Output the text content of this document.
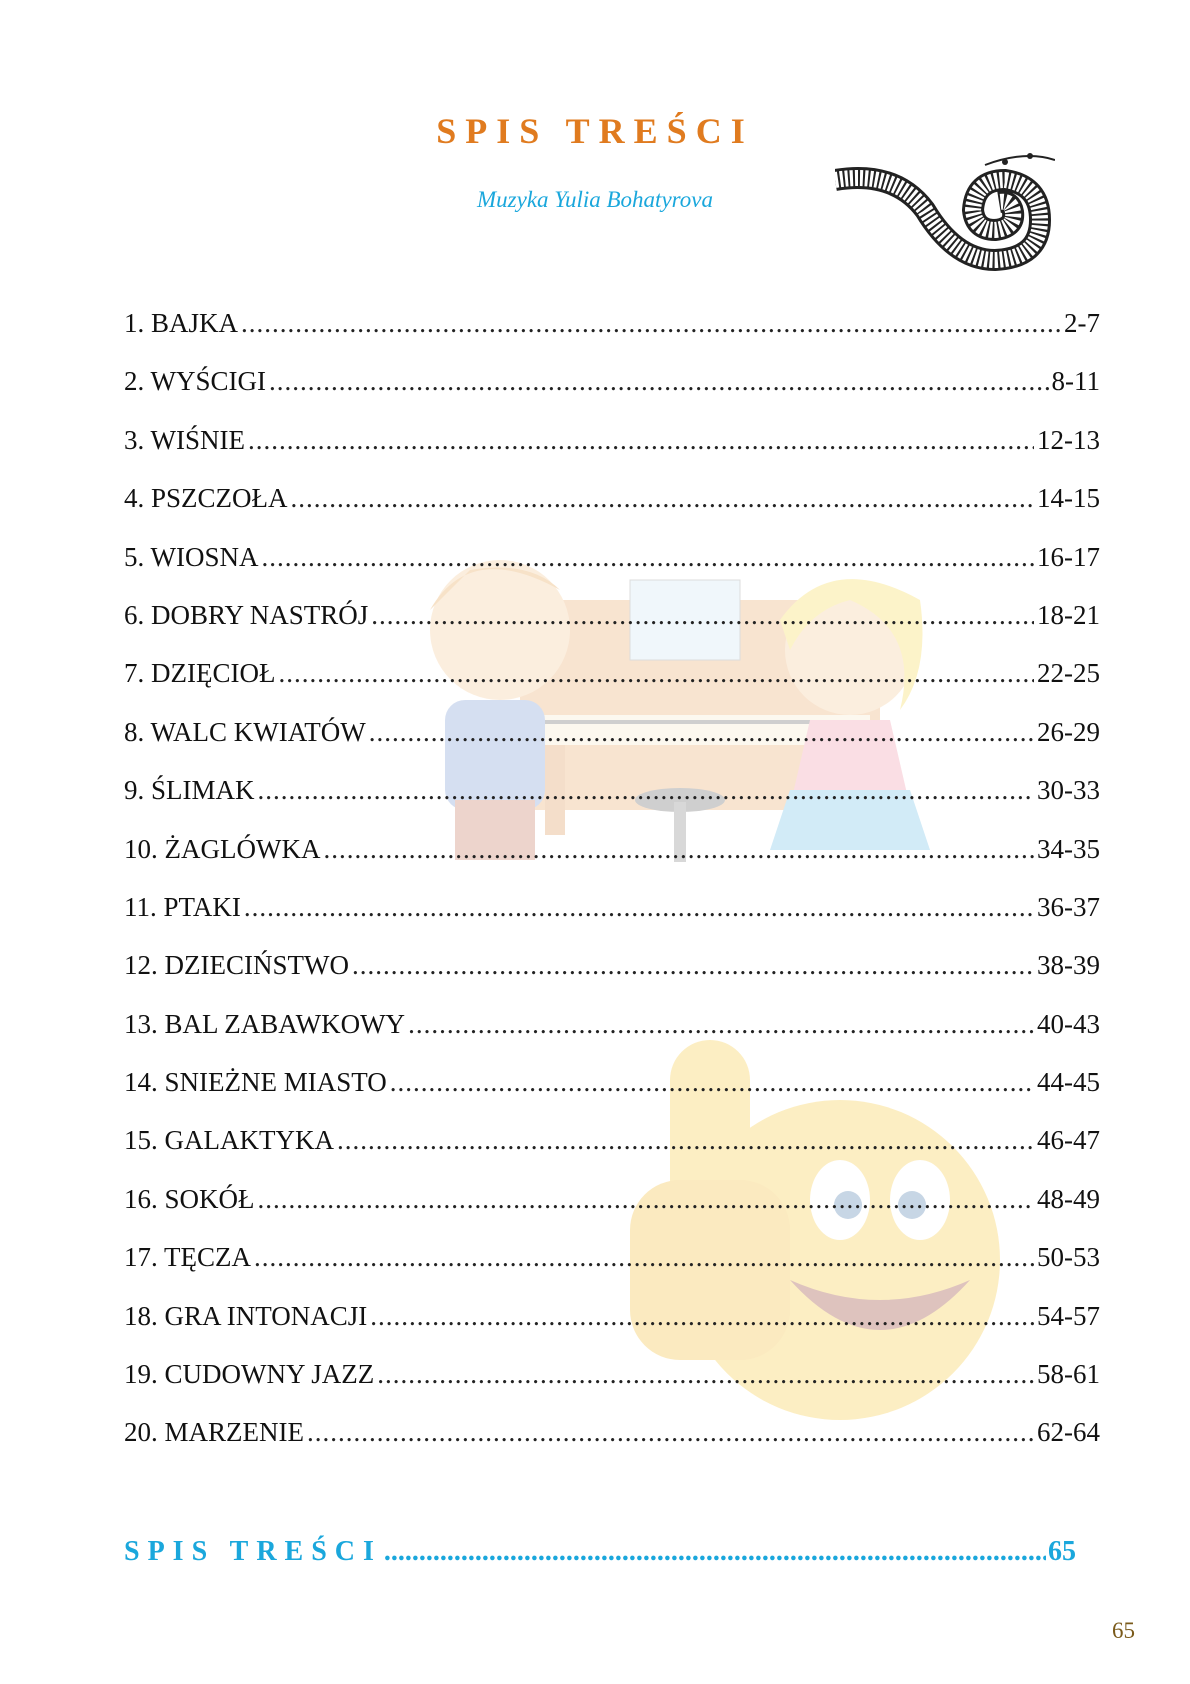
SPIS TREŚCI
Muzyka Yulia Bohatyrova
1. BAJKA .....	2-7
2. WYŚCIGI .....	8-11
3. WIŚNIE .....	12-13
4. PSZCZOŁA .....	14-15
5. WIOSNA .....	16-17
6. DOBRY NASTRÓJ .....	18-21
7. DZIĘCIOŁ .....	22-25
8. WALC KWIATÓW .....	26-29
9. ŚLIMAK .....	30-33
10. ŻAGLÓWKA .....	34-35
11. PTAKI .....	36-37
12. DZIECIŃSTWO .....	38-39
13. BAL ZABAWKOWY .....	40-43
14. SNIEŻNE MIASTO .....	44-45
15. GALAKTYKA .....	46-47
16. SOKÓŁ .....	48-49
17. TĘCZA .....	50-53
18. GRA INTONACJI .....	54-57
19. CUDOWNY JAZZ .....	58-61
20. MARZENIE .....	62-64
SPIS TREŚCI .....	65
65
